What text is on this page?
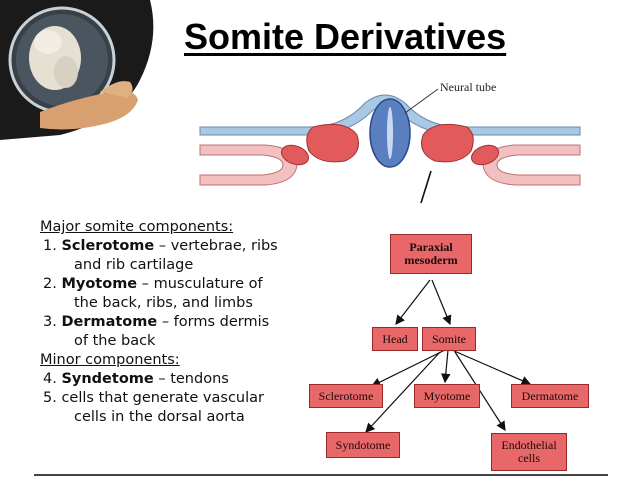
Somite Derivatives
Neural tube
Major somite components:
1. Sclerotome – vertebrae, ribs
and rib cartilage
2. Myotome – musculature of
the back, ribs, and limbs
3. Dermatome – forms dermis
of the back
Minor components:
4. Syndetome – tendons
5. cells that generate vascular
cells in the dorsal aorta
Paraxial
mesoderm
Head	Somite
Sclerotome	Myotome	Dermatome
Syndotome	Endothelial
cells
